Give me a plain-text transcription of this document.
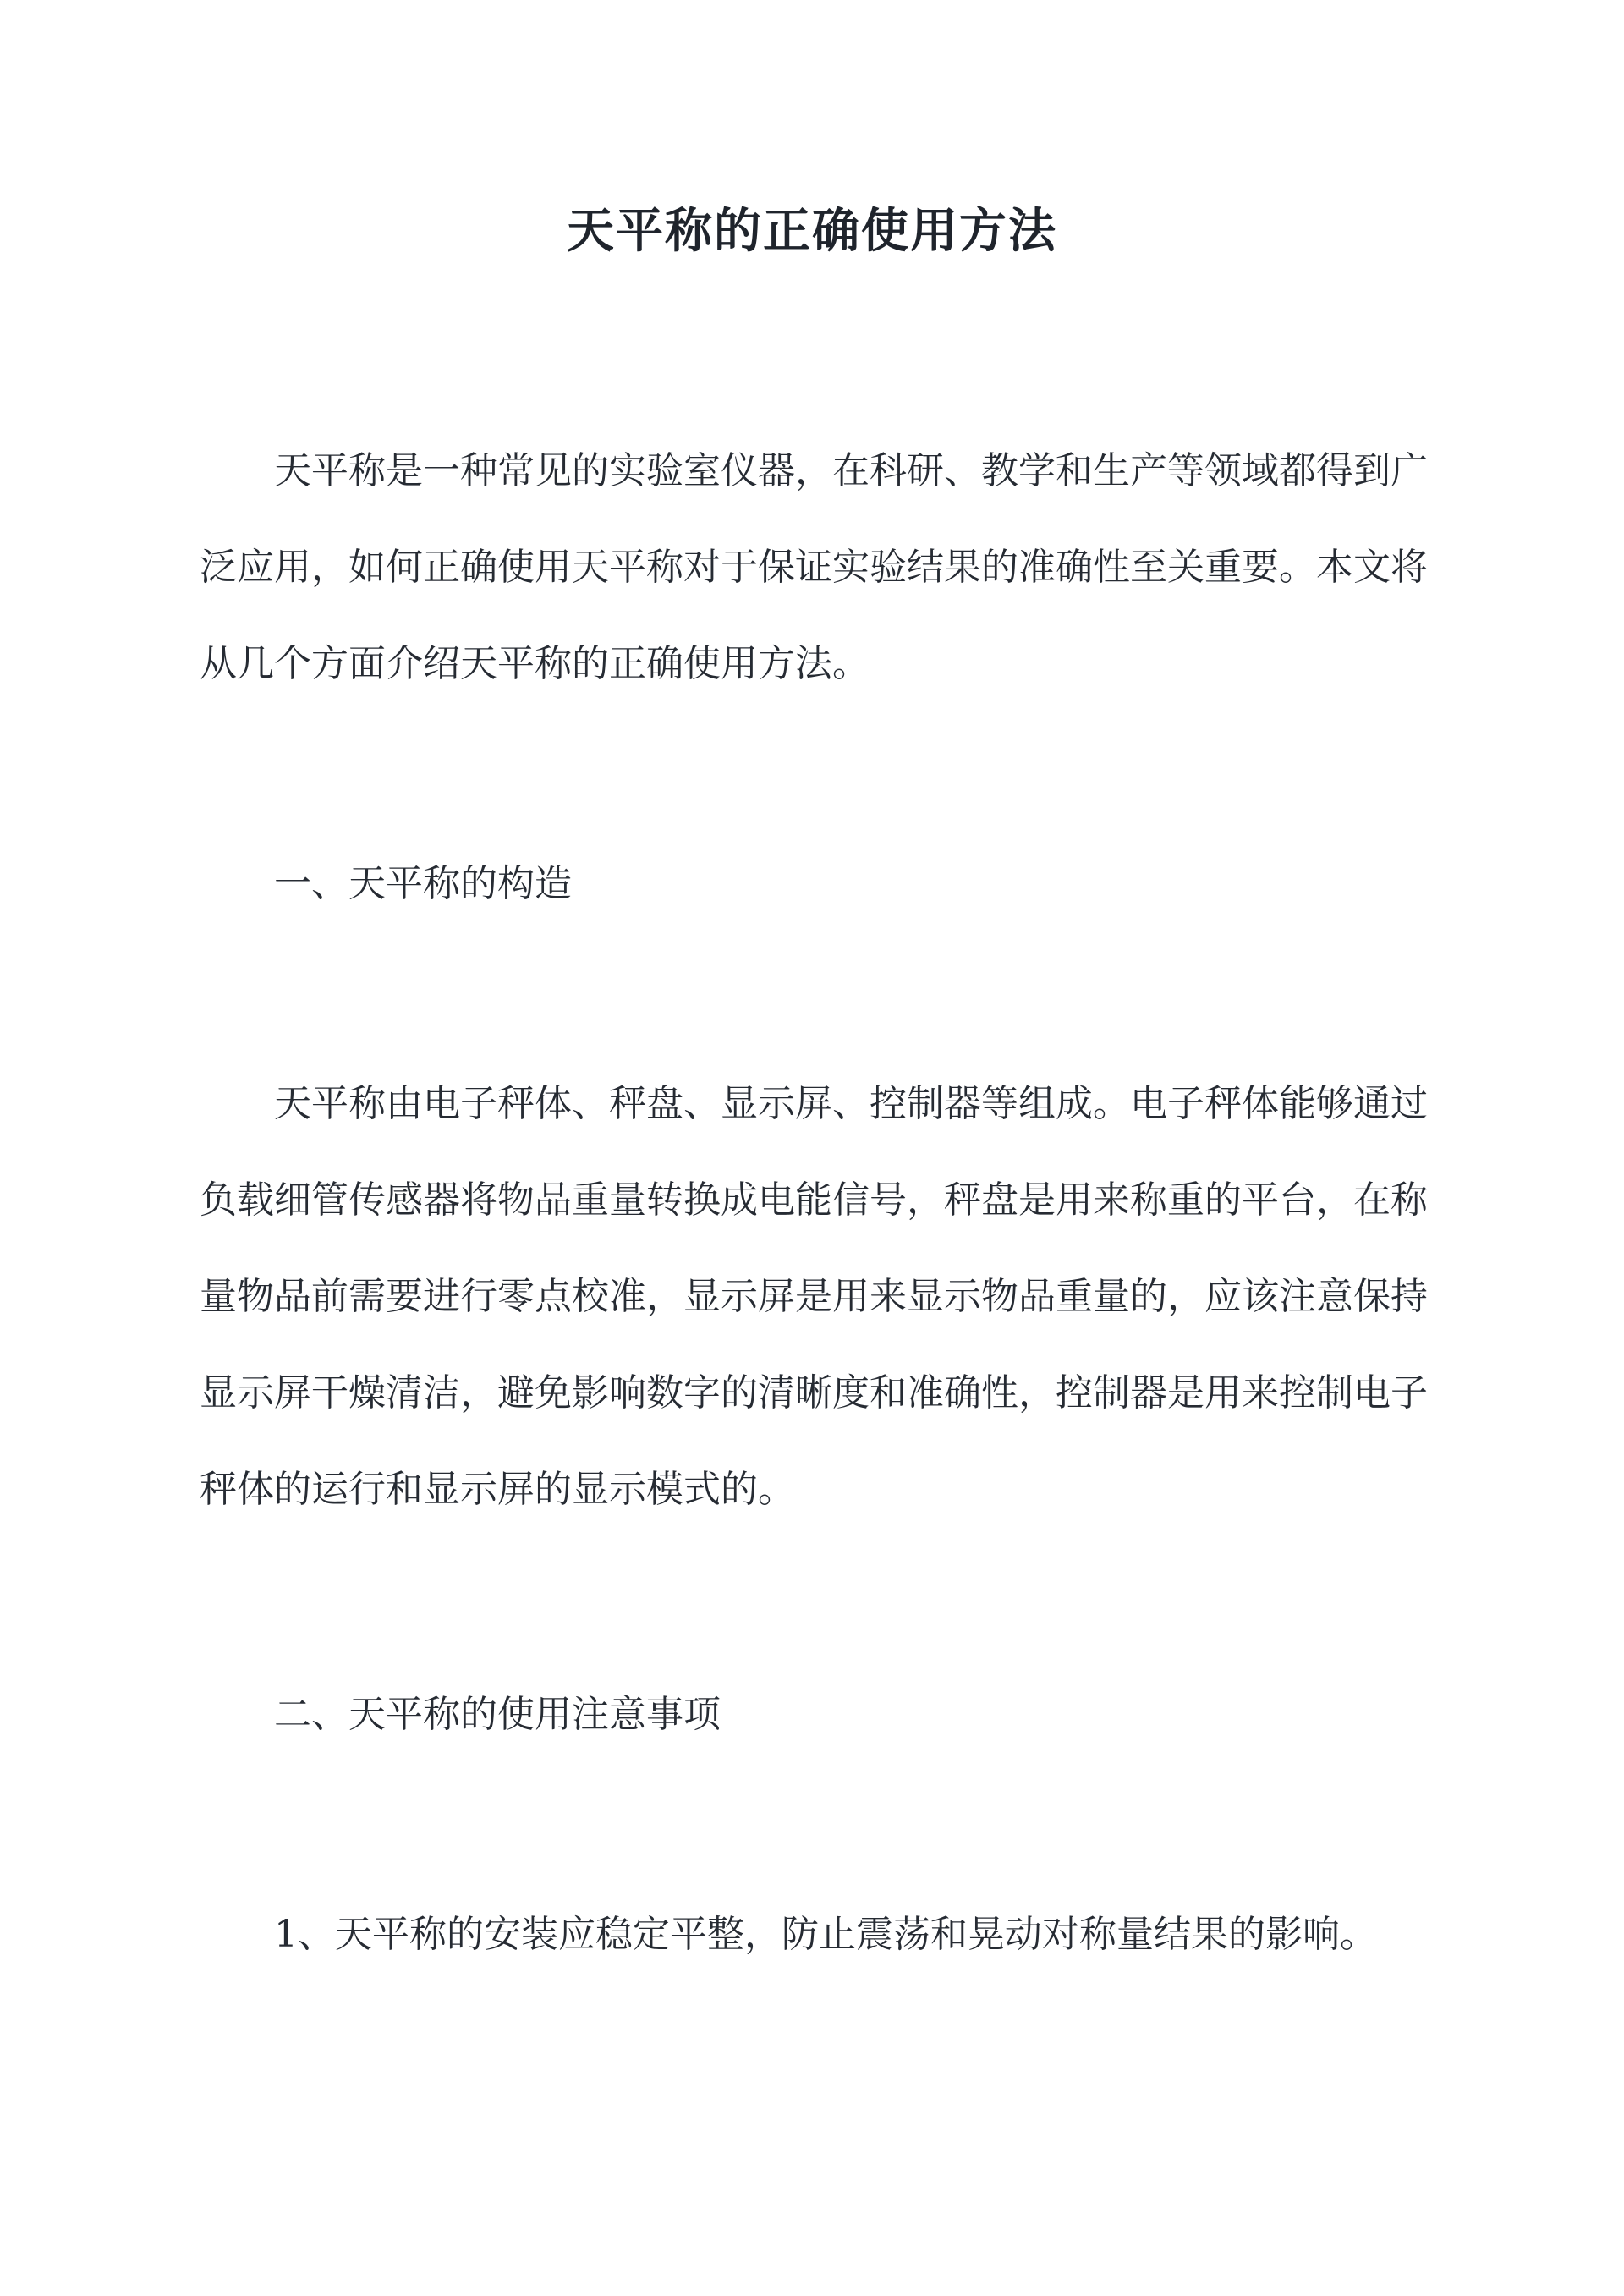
天平称的正确使用方法

天平称是一种常见的实验室仪器，在科研、教学和生产等领域都得到广泛应用，如何正确使用天平称对于保证实验结果的准确性至关重要。本文将从几个方面介绍天平称的正确使用方法。

一、天平称的构造

天平称由电子秤体、秤盘、显示屏、控制器等组成。电子秤体能够通过负载细管传感器将物品重量转换成电能信号，秤盘是用来称重的平台，在称量物品前需要进行零点校准，显示屏是用来显示物品重量的，应该注意保持显示屏干燥清洁，避免影响数字的清晰度和准确性，控制器是用来控制电子秤体的运行和显示屏的显示模式的。

二、天平称的使用注意事项

1、天平称的安装应稳定平整，防止震荡和晃动对称量结果的影响。
